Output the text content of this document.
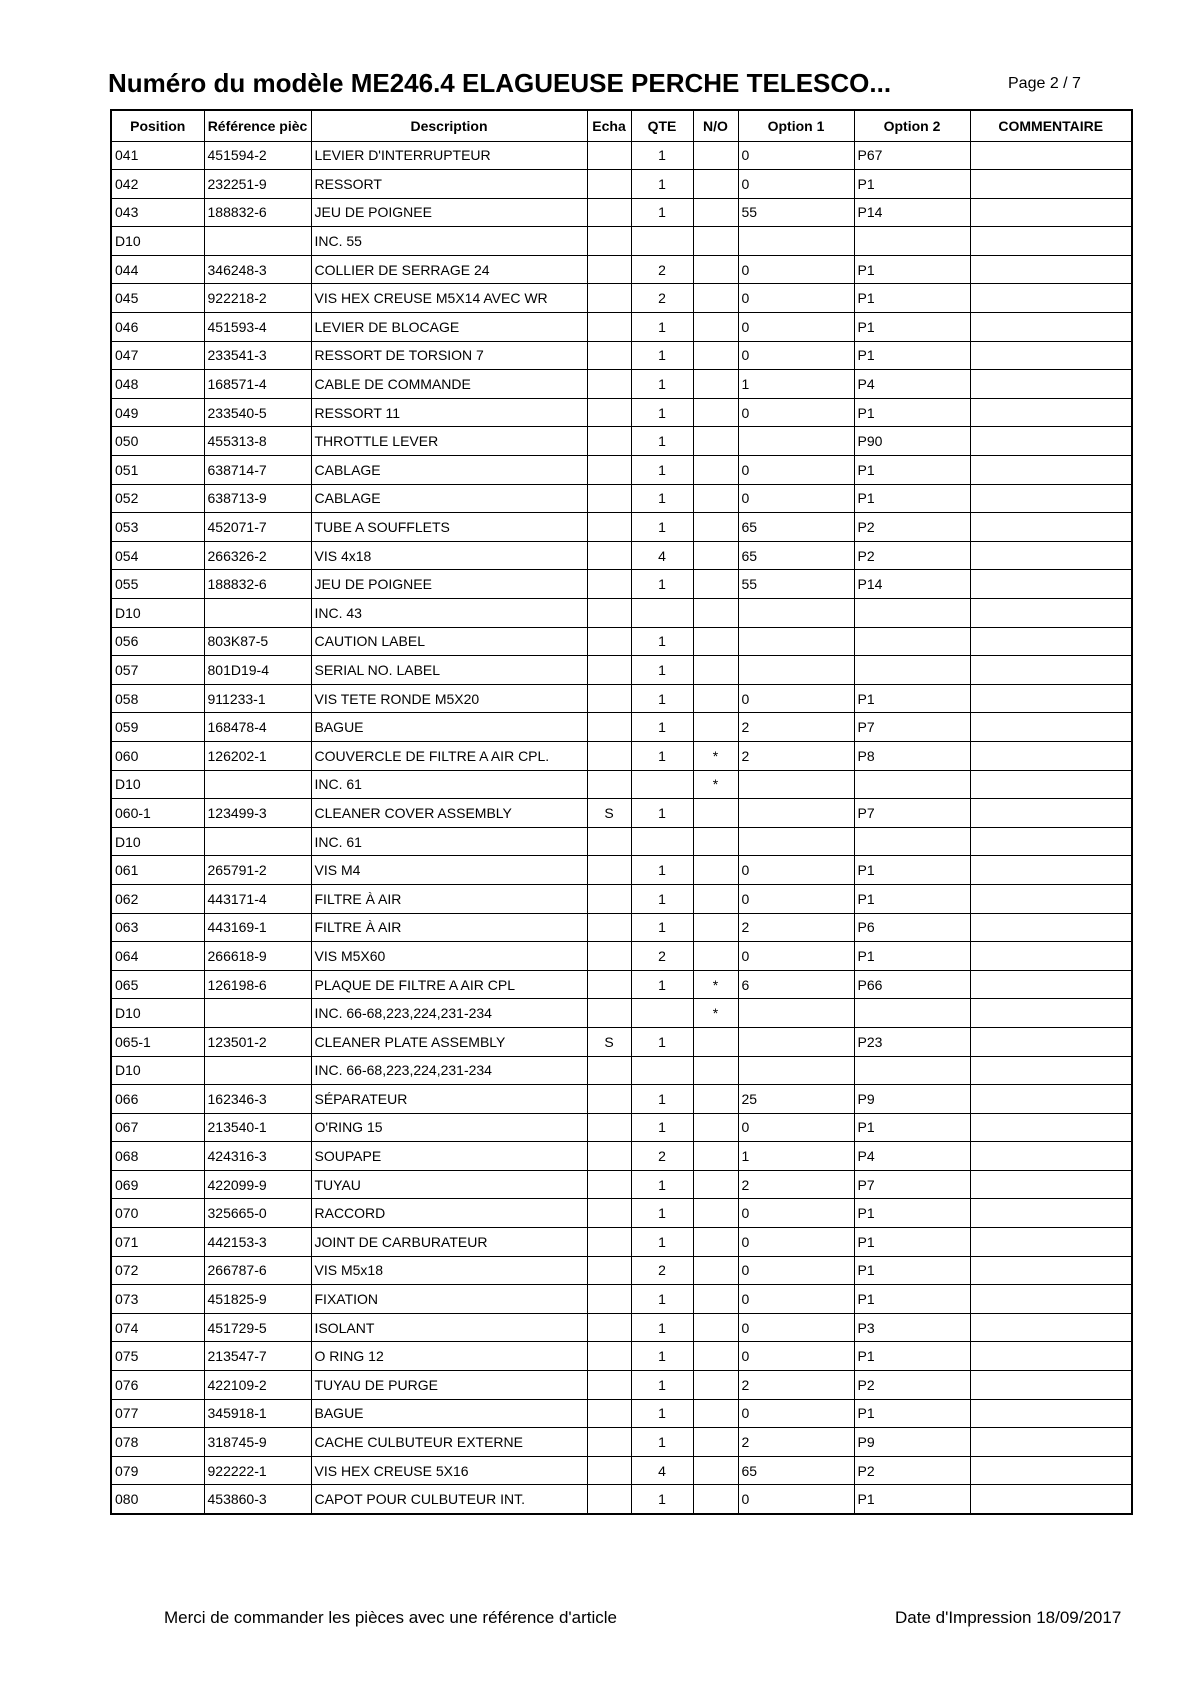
Numéro du modèle ME246.4 ELAGUEUSE PERCHE TELESCO...	Page 2 / 7
Position	Référence pièc	Description	Echa	QTE	N/O	Option 1	Option 2	COMMENTAIRE
041	451594-2	LEVIER D'INTERRUPTEUR		1		0	P67	
042	232251-9	RESSORT		1		0	P1	
043	188832-6	JEU DE POIGNEE		1		55	P14	
D10		INC. 55						
044	346248-3	COLLIER DE SERRAGE 24		2		0	P1	
045	922218-2	VIS HEX CREUSE M5X14 AVEC WR		2		0	P1	
046	451593-4	LEVIER DE BLOCAGE		1		0	P1	
047	233541-3	RESSORT DE TORSION 7		1		0	P1	
048	168571-4	CABLE DE COMMANDE		1		1	P4	
049	233540-5	RESSORT 11		1		0	P1	
050	455313-8	THROTTLE LEVER		1			P90	
051	638714-7	CABLAGE		1		0	P1	
052	638713-9	CABLAGE		1		0	P1	
053	452071-7	TUBE A SOUFFLETS		1		65	P2	
054	266326-2	VIS 4x18		4		65	P2	
055	188832-6	JEU DE POIGNEE		1		55	P14	
D10		INC. 43						
056	803K87-5	CAUTION LABEL		1				
057	801D19-4	SERIAL NO. LABEL		1				
058	911233-1	VIS TETE RONDE M5X20		1		0	P1	
059	168478-4	BAGUE		1		2	P7	
060	126202-1	COUVERCLE DE FILTRE A AIR CPL.		1	*	2	P8	
D10		INC. 61			*			
060-1	123499-3	CLEANER COVER ASSEMBLY	S	1			P7	
D10		INC. 61						
061	265791-2	VIS M4		1		0	P1	
062	443171-4	FILTRE À AIR		1		0	P1	
063	443169-1	FILTRE À AIR		1		2	P6	
064	266618-9	VIS M5X60		2		0	P1	
065	126198-6	PLAQUE DE FILTRE A AIR CPL		1	*	6	P66	
D10		INC. 66-68,223,224,231-234			*			
065-1	123501-2	CLEANER PLATE ASSEMBLY	S	1			P23	
D10		INC. 66-68,223,224,231-234						
066	162346-3	SÉPARATEUR		1		25	P9	
067	213540-1	O'RING 15		1		0	P1	
068	424316-3	SOUPAPE		2		1	P4	
069	422099-9	TUYAU		1		2	P7	
070	325665-0	RACCORD		1		0	P1	
071	442153-3	JOINT DE CARBURATEUR		1		0	P1	
072	266787-6	VIS M5x18		2		0	P1	
073	451825-9	FIXATION		1		0	P1	
074	451729-5	ISOLANT		1		0	P3	
075	213547-7	O RING 12		1		0	P1	
076	422109-2	TUYAU DE PURGE		1		2	P2	
077	345918-1	BAGUE		1		0	P1	
078	318745-9	CACHE CULBUTEUR EXTERNE		1		2	P9	
079	922222-1	VIS HEX CREUSE 5X16		4		65	P2	
080	453860-3	CAPOT POUR CULBUTEUR INT.		1		0	P1	
Merci de commander les pièces avec une référence d'article	Date d'Impression 18/09/2017
